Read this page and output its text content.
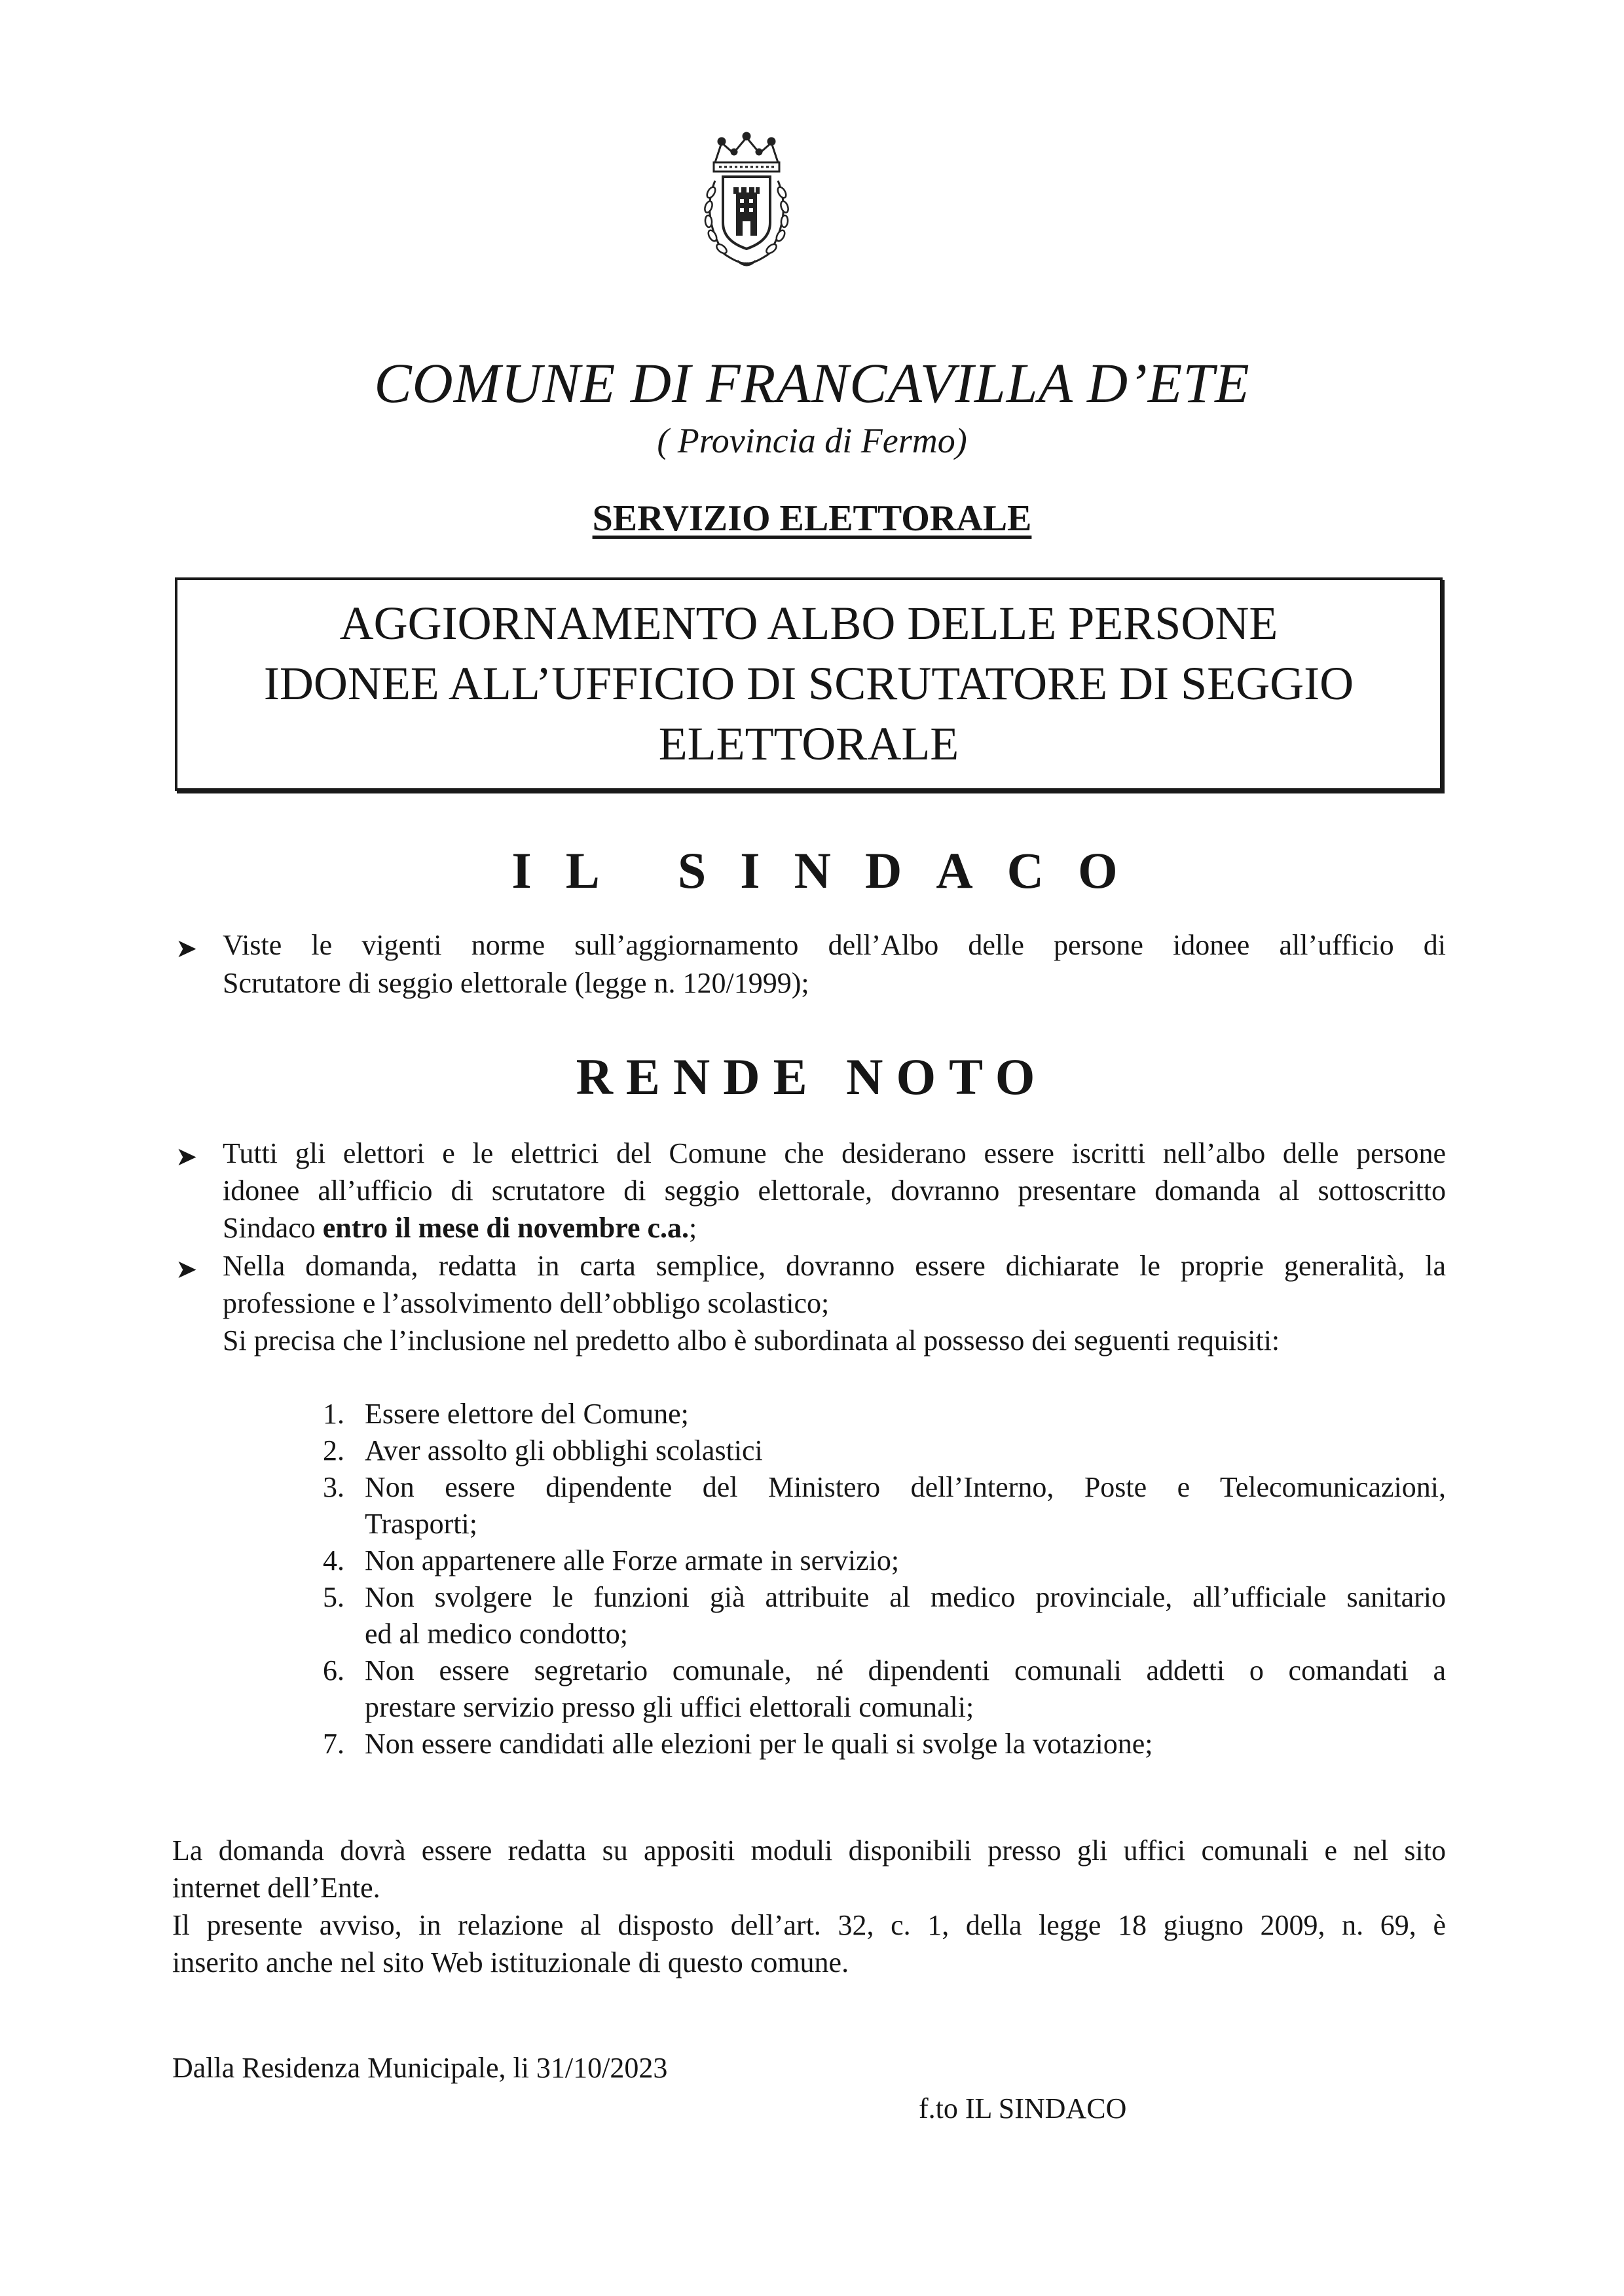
COMUNE DI FRANCAVILLA D’ETE
( Provincia di Fermo)
SERVIZIO ELETTORALE
AGGIORNAMENTO ALBO DELLE PERSONE
IDONEE ALL’UFFICIO DI SCRUTATORE DI SEGGIO
ELETTORALE
IL SINDACO
➤ Viste le vigenti norme sull’aggiornamento dell’Albo delle persone idonee all’ufficio di
Scrutatore di seggio elettorale (legge n. 120/1999);
RENDE NOTO
➤ Tutti gli elettori e le elettrici del Comune che desiderano essere iscritti nell’albo delle persone
idonee all’ufficio di scrutatore di seggio elettorale, dovranno presentare domanda al sottoscritto
Sindaco entro il mese di novembre c.a.;
➤ Nella domanda, redatta in carta semplice, dovranno essere dichiarate le proprie generalità, la
professione e l’assolvimento dell’obbligo scolastico;
Si precisa che l’inclusione nel predetto albo è subordinata al possesso dei seguenti requisiti:
1. Essere elettore del Comune;
2. Aver assolto gli obblighi scolastici
3. Non essere dipendente del Ministero dell’Interno, Poste e Telecomunicazioni,
Trasporti;
4. Non appartenere alle Forze armate in servizio;
5. Non svolgere le funzioni già attribuite al medico provinciale, all’ufficiale sanitario
ed al medico condotto;
6. Non essere segretario comunale, né dipendenti comunali addetti o comandati a
prestare servizio presso gli uffici elettorali comunali;
7. Non essere candidati alle elezioni per le quali si svolge la votazione;
La domanda dovrà essere redatta su appositi moduli disponibili presso gli uffici comunali e nel sito
internet dell’Ente.
Il presente avviso, in relazione al disposto dell’art. 32, c. 1, della legge 18 giugno 2009, n. 69, è
inserito anche nel sito Web istituzionale di questo comune.
Dalla Residenza Municipale, li 31/10/2023
f.to IL SINDACO
